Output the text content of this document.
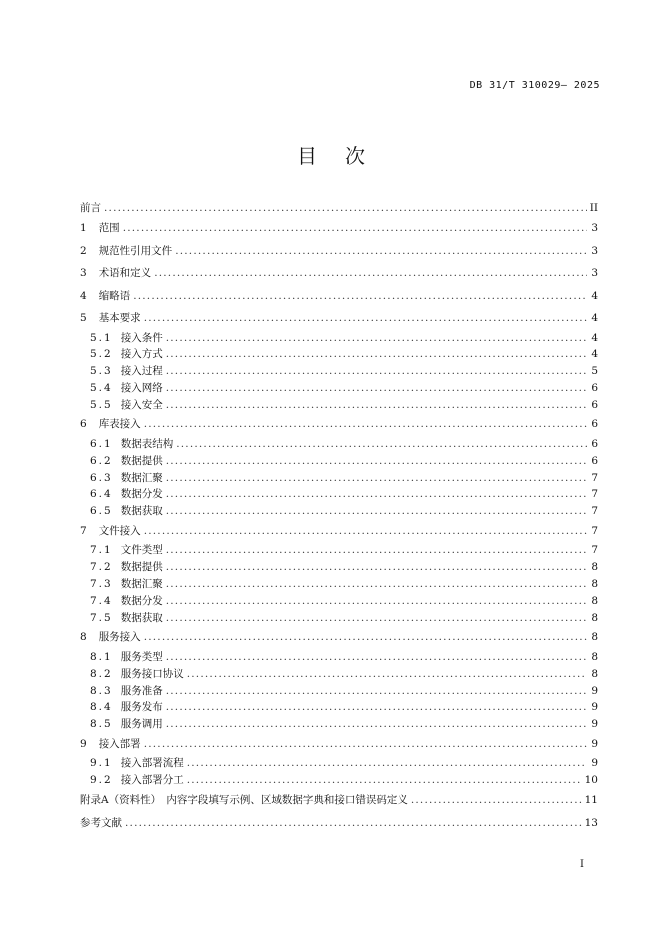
DB 31/T 310029— 2025
目次
前言 .....	II
1 范围 .....	3
2 规范性引用文件 .....	3
3 术语和定义 .....	3
4 缩略语 .....	4
5 基本要求 .....	4
5.1 接入条件 .....	4
5.2 接入方式 .....	4
5.3 接入过程 .....	5
5.4 接入网络 .....	6
5.5 接入安全 .....	6
6 库表接入 .....	6
6.1 数据表结构 .....	6
6.2 数据提供 .....	6
6.3 数据汇聚 .....	7
6.4 数据分发 .....	7
6.5 数据获取 .....	7
7 文件接入 .....	7
7.1 文件类型 .....	7
7.2 数据提供 .....	8
7.3 数据汇聚 .....	8
7.4 数据分发 .....	8
7.5 数据获取 .....	8
8 服务接入 .....	8
8.1 服务类型 .....	8
8.2 服务接口协议 .....	8
8.3 服务准备 .....	9
8.4 服务发布 .....	9
8.5 服务调用 .....	9
9 接入部署 .....	9
9.1 接入部署流程 .....	9
9.2 接入部署分工 .....	10
附录A（资料性）　内容字段填写示例、区域数据字典和接口错误码定义 .....	11
参考文献 .....	13
I
